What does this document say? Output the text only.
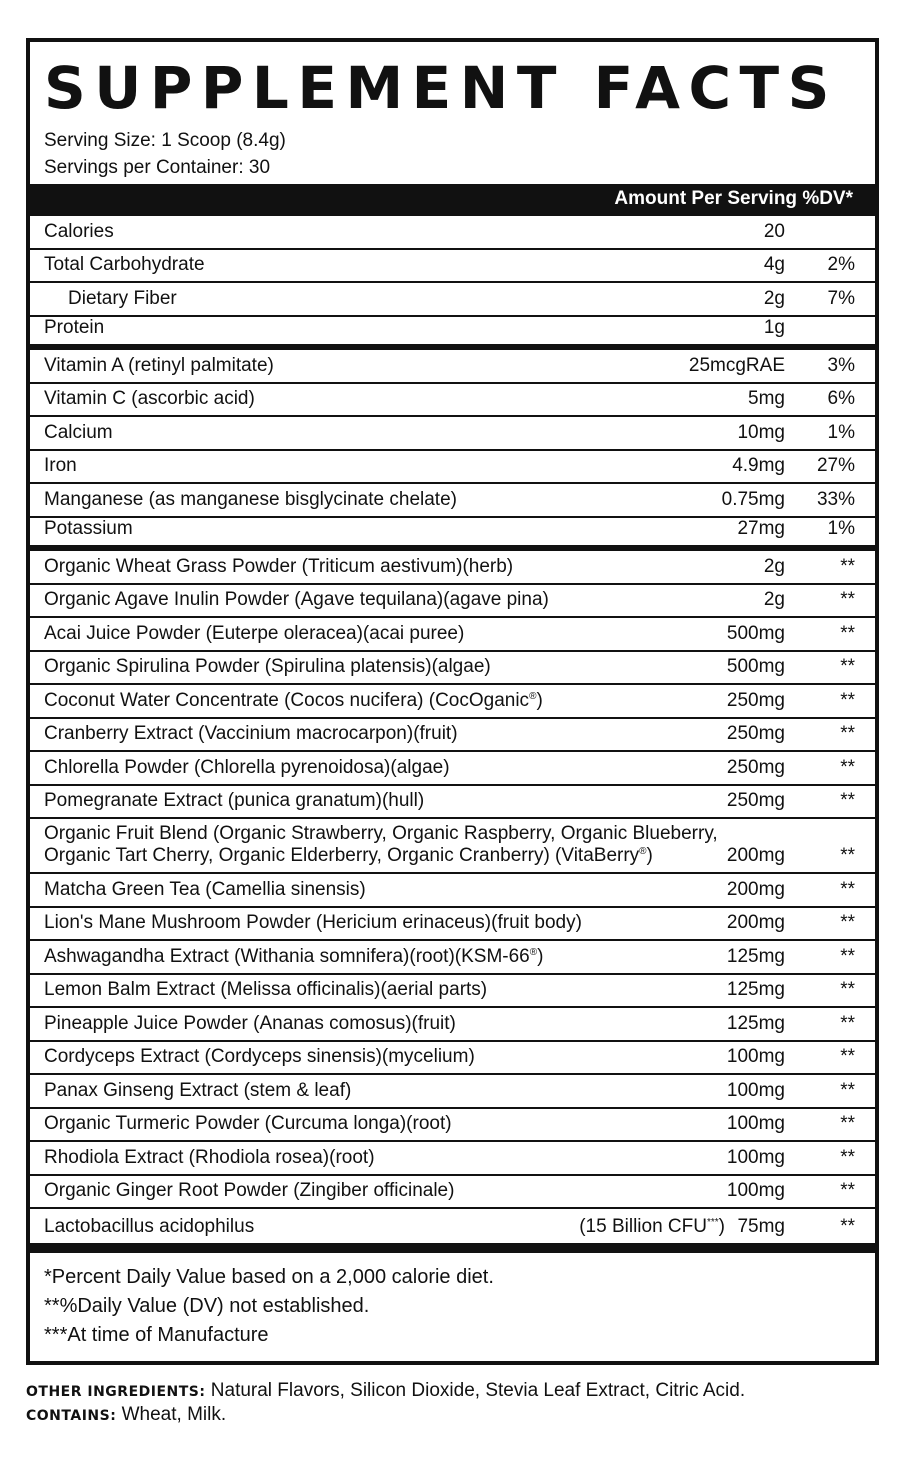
SUPPLEMENT FACTS
Serving Size: 1 Scoop (8.4g)
Servings per Container: 30
Amount Per Serving %DV*
Calories	20
Total Carbohydrate	4g 2%
Dietary Fiber	2g 7%
Protein	1g
Vitamin A (retinyl palmitate)	25mcgRAE 3%
Vitamin C (ascorbic acid)	5mg 6%
Calcium	10mg 1%
Iron	4.9mg 27%
Manganese (as manganese bisglycinate chelate)	0.75mg 33%
Potassium	27mg 1%
Organic Wheat Grass Powder (Triticum aestivum)(herb)	2g	**
Organic Agave Inulin Powder (Agave tequilana)(agave pina)	2g	**
Acai Juice Powder (Euterpe oleracea)(acai puree)	500mg	**
Organic Spirulina Powder (Spirulina platensis)(algae)	500mg	**
Coconut Water Concentrate (Cocos nucifera) (CocOganic®)	250mg	**
Cranberry Extract (Vaccinium macrocarpon)(fruit)	250mg	**
Chlorella Powder (Chlorella pyrenoidosa)(algae)	250mg	**
Pomegranate Extract (punica granatum)(hull)	250mg	**
Organic Fruit Blend (Organic Strawberry, Organic Raspberry, Organic Blueberry,
Organic Tart Cherry, Organic Elderberry, Organic Cranberry) (VitaBerry®)	200mg	**
Matcha Green Tea (Camellia sinensis)	200mg	**
Lion's Mane Mushroom Powder (Hericium erinaceus)(fruit body)	200mg	**
Ashwagandha Extract (Withania somnifera)(root)(KSM-66®)	125mg	**
Lemon Balm Extract (Melissa officinalis)(aerial parts)	125mg	**
Pineapple Juice Powder (Ananas comosus)(fruit)	125mg	**
Cordyceps Extract (Cordyceps sinensis)(mycelium)	100mg	**
Panax Ginseng Extract (stem & leaf)	100mg	**
Organic Turmeric Powder (Curcuma longa)(root)	100mg	**
Rhodiola Extract (Rhodiola rosea)(root)	100mg	**
Organic Ginger Root Powder (Zingiber officinale)	100mg	**
Lactobacillus acidophilus	(15 Billion CFU***) 75mg	**
*Percent Daily Value based on a 2,000 calorie diet.
**%Daily Value (DV) not established.
***At time of Manufacture
OTHER INGREDIENTS: Natural Flavors, Silicon Dioxide, Stevia Leaf Extract, Citric Acid.
CONTAINS: Wheat, Milk.
